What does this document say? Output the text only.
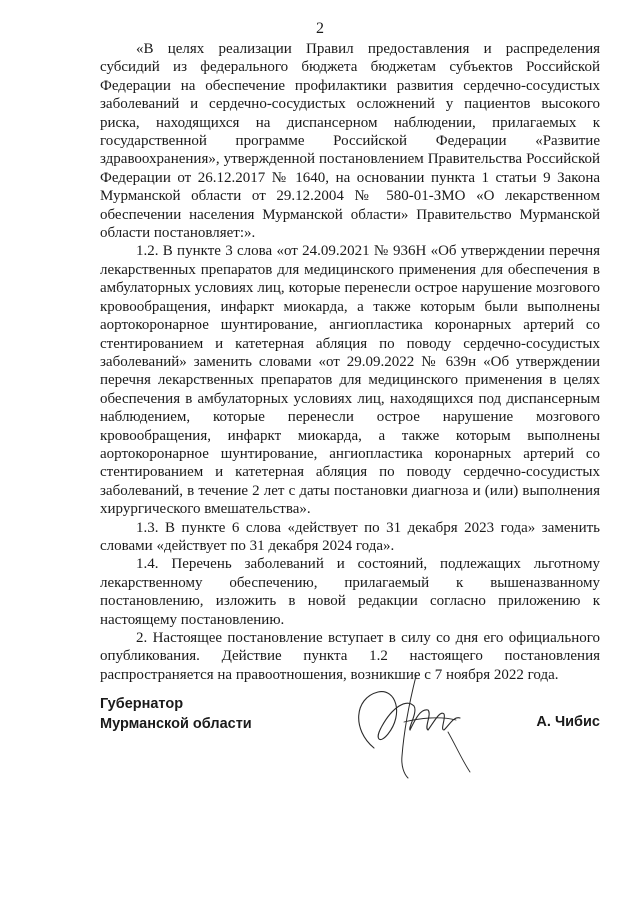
2

«В целях реализации Правил предоставления и распределения субсидий из федерального бюджета бюджетам субъектов Российской Федерации на обеспечение профилактики развития сердечно-сосудистых заболеваний и сердечно-сосудистых осложнений у пациентов высокого риска, находящихся на диспансерном наблюдении, прилагаемых к государственной программе Российской Федерации «Развитие здравоохранения», утвержденной постановлением Правительства Российской Федерации от 26.12.2017 № 1640, на основании пункта 1 статьи 9 Закона Мурманской области от 29.12.2004 № 580-01-ЗМО «О лекарственном обеспечении населения Мурманской области» Правительство Мурманской области постановляет:».

1.2. В пункте 3 слова «от 24.09.2021 № 936Н «Об утверждении перечня лекарственных препаратов для медицинского применения для обеспечения в амбулаторных условиях лиц, которые перенесли острое нарушение мозгового кровообращения, инфаркт миокарда, а также которым были выполнены аортокоронарное шунтирование, ангиопластика коронарных артерий со стентированием и катетерная абляция по поводу сердечно-сосудистых заболеваний» заменить словами «от 29.09.2022 № 639н «Об утверждении перечня лекарственных препаратов для медицинского применения в целях обеспечения в амбулаторных условиях лиц, находящихся под диспансерным наблюдением, которые перенесли острое нарушение мозгового кровообращения, инфаркт миокарда, а также которым выполнены аортокоронарное шунтирование, ангиопластика коронарных артерий со стентированием и катетерная абляция по поводу сердечно-сосудистых заболеваний, в течение 2 лет с даты постановки диагноза и (или) выполнения хирургического вмешательства».

1.3. В пункте 6 слова «действует по 31 декабря 2023 года» заменить словами «действует по 31 декабря 2024 года».

1.4. Перечень заболеваний и состояний, подлежащих льготному лекарственному обеспечению, прилагаемый к вышеназванному постановлению, изложить в новой редакции согласно приложению к настоящему постановлению.

2. Настоящее постановление вступает в силу со дня его официального опубликования. Действие пункта 1.2 настоящего постановления распространяется на правоотношения, возникшие с 7 ноября 2022 года.

Губернатор
Мурманской области	А. Чибис
